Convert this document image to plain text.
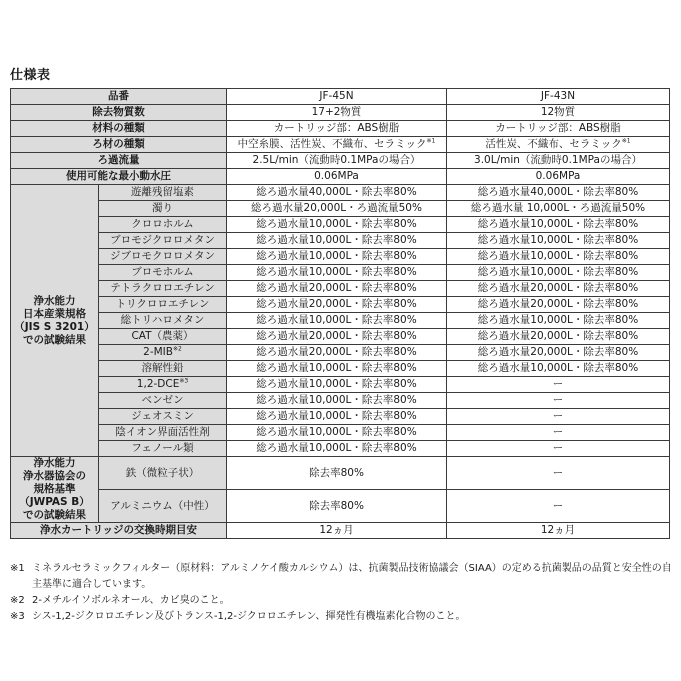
仕様表
品番		JF-45N	JF-43N
除去物質数		17+2物質	12物質
材料の種類		カートリッジ部：ABS樹脂	カートリッジ部：ABS樹脂
ろ材の種類		中空糸膜、活性炭、不織布、セラミック$^{※1}$	活性炭、不織布、セラミック$^{※1}$
ろ過流量		2.5L/min（流動時0.1MPaの場合）	3.0L/min（流動時0.1MPaの場合）
使用可能な最小動水圧		0.06MPa	0.06MPa

浄水能力
日本産業規格
（JIS S 3201）
での試験結果	遊離残留塩素	総ろ過水量40,000L・除去率80%	総ろ過水量40,000L・除去率80%
	濁り	総ろ過水量20,000L・ろ過流量50%	総ろ過水量 10,000L・ろ過流量50%
	クロロホルム	総ろ過水量10,000L・除去率80%	総ろ過水量10,000L・除去率80%
	ブロモジクロロメタン	総ろ過水量10,000L・除去率80%	総ろ過水量10,000L・除去率80%
	ジブロモクロロメタン	総ろ過水量10,000L・除去率80%	総ろ過水量10,000L・除去率80%
	ブロモホルム	総ろ過水量10,000L・除去率80%	総ろ過水量10,000L・除去率80%
	テトラクロロエチレン	総ろ過水量20,000L・除去率80%	総ろ過水量20,000L・除去率80%
	トリクロロエチレン	総ろ過水量20,000L・除去率80%	総ろ過水量20,000L・除去率80%
	総トリハロメタン	総ろ過水量10,000L・除去率80%	総ろ過水量10,000L・除去率80%
	CAT（農薬）	総ろ過水量20,000L・除去率80%	総ろ過水量20,000L・除去率80%
	2-MIB$^{※2}$	総ろ過水量20,000L・除去率80%	総ろ過水量20,000L・除去率80%
	溶解性鉛	総ろ過水量10,000L・除去率80%	総ろ過水量10,000L・除去率80%
	1,2-DCE$^{※3}$	総ろ過水量10,000L・除去率80%	ー
	ベンゼン	総ろ過水量10,000L・除去率80%	ー
	ジェオスミン	総ろ過水量10,000L・除去率80%	ー
	陰イオン界面活性剤	総ろ過水量10,000L・除去率80%	ー
	フェノール類	総ろ過水量10,000L・除去率80%	ー

浄水能力
浄水器協会の
規格基準
（JWPAS B）
での試験結果	鉄（微粒子状）	除去率80%	ー
	アルミニウム（中性）	除去率80%	ー
浄水カートリッジの交換時期目安		12ヵ月	12ヵ月
※1 ミネラルセラミックフィルター（原材料：アルミノケイ酸カルシウム）は、抗菌製品技術協議会（SIAA）の定める抗菌製品の品質と安全性の自主基準に適合しています。
※2 2-メチルイソボルネオール、カビ臭のこと。
※3 シス-1,2-ジクロロエチレン及びトランス-1,2-ジクロロエチレン、揮発性有機塩素化合物のこと。
